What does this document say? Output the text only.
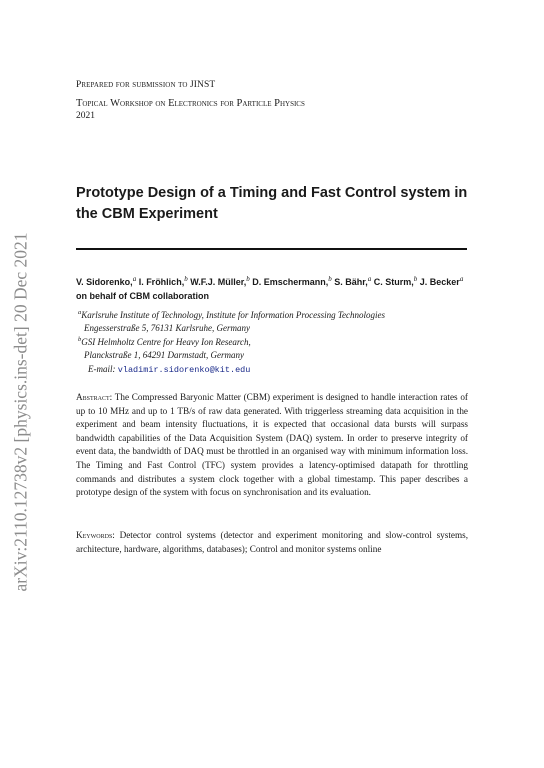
arXiv:2110.12738v2 [physics.ins-det] 20 Dec 2021
Prepared for submission to JINST
Topical Workshop on Electronics for Particle Physics
2021
Prototype Design of a Timing and Fast Control system in the CBM Experiment
V. Sidorenko,$^a$ I. Fröhlich,$^b$ W.F.J. Müller,$^b$ D. Emschermann,$^b$ S. Bähr,$^a$ C. Sturm,$^b$ J. Becker$^a$ on behalf of CBM collaboration
$^a$Karlsruhe Institute of Technology, Institute for Information Processing Technologies
Engesserstraße 5, 76131 Karlsruhe, Germany
$^b$GSI Helmholtz Centre for Heavy Ion Research,
Planckstraße 1, 64291 Darmstadt, Germany
E-mail: vladimir.sidorenko@kit.edu

Abstract: The Compressed Baryonic Matter (CBM) experiment is designed to handle interaction rates of up to 10 MHz and up to 1 TB/s of raw data generated. With triggerless streaming data acquisition in the experiment and beam intensity fluctuations, it is expected that occasional data bursts will surpass bandwidth capabilities of the Data Acquisition System (DAQ) system. In order to preserve integrity of event data, the bandwidth of DAQ must be throttled in an organised way with minimum information loss. The Timing and Fast Control (TFC) system provides a latency-optimised datapath for throttling commands and distributes a system clock together with a global timestamp. This paper describes a prototype design of the system with focus on synchronisation and its evaluation.

Keywords: Detector control systems (detector and experiment monitoring and slow-control systems, architecture, hardware, algorithms, databases); Control and monitor systems online
